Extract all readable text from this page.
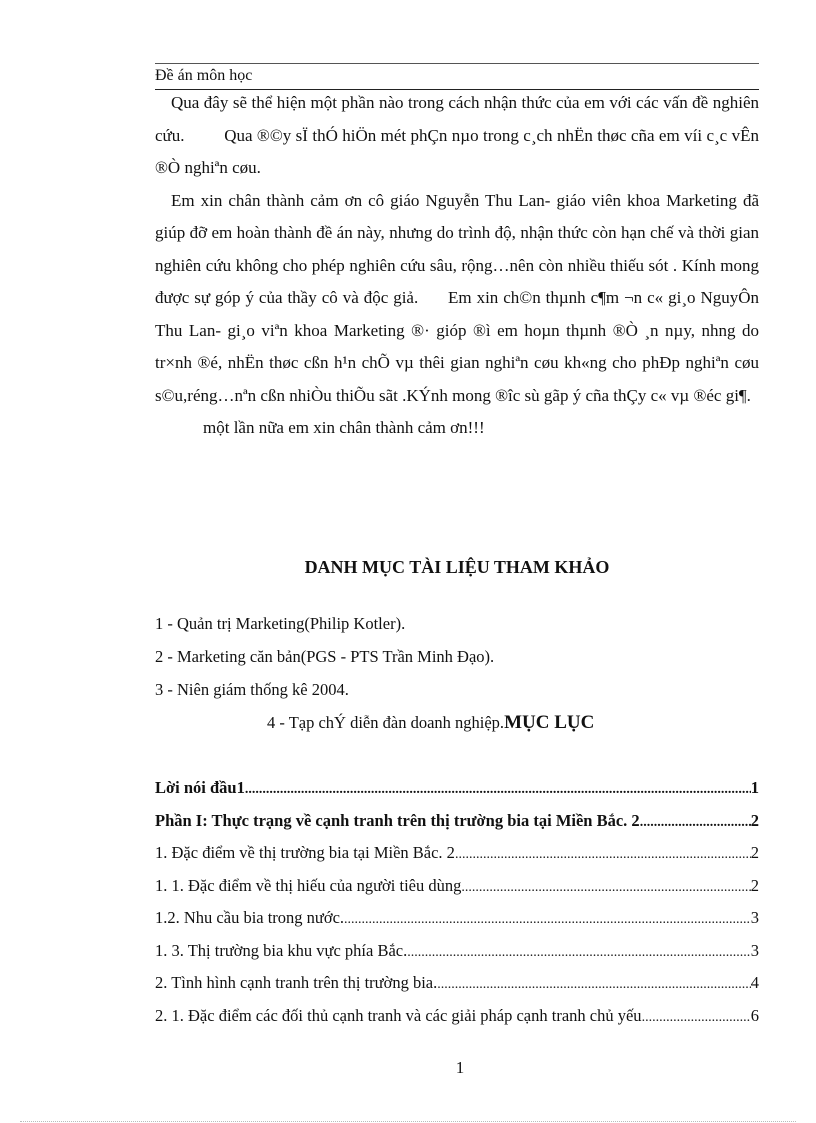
Đề án môn học

Qua đây sẽ thể hiện một phần nào trong cách nhận thức của em với các vấn đề nghiên cứu. Qua ®©y sÏ thÓ hiÖn mét phÇn nµo trong c¸ch nhËn thøc cña em víi c¸c vÊn ®Ò nghiªn cøu.

Em xin chân thành cảm ơn cô giáo Nguyễn Thu Lan- giáo viên khoa Marketing đã giúp đỡ em hoàn thành đề án này, nhưng do trình độ, nhận thức còn hạn chế và thời gian nghiên cứu không cho phép nghiên cứu sâu, rộng…nên còn nhiều thiếu sót . Kính mong được sự góp ý của thầy cô và độc giả. Em xin ch©n thµnh c¶m ¬n c« gi¸o NguyÔn Thu Lan- gi¸o viªn khoa Marketing ®· gióp ®ì em hoµn thµnh ®Ò ¸n nµy, nhng do tr×nh ®é, nhËn thøc cßn h¹n chÕ vµ thêi gian nghiªn cøu kh«ng cho phÐp nghiªn cøu s©u,réng…nªn cßn nhiÒu thiÕu sãt .KÝnh mong ®îc sù gãp ý cña thÇy c« vµ ®éc gi¶.

một lần nữa em xin chân thành cảm ơn!!!

DANH MỤC TÀI LIỆU THAM KHẢO
1 - Quản trị Marketing(Philip Kotler).
2 - Marketing căn bản(PGS - PTS Trần Minh Đạo).
3 - Niên giám thống kê 2004.
4 - Tạp chÝ diễn đàn doanh nghiệp.MỤC LỤC
Lời nói đầu1 .....	1
Phần I: Thực trạng về cạnh tranh trên thị trường bia tại Miền Bắc. 2 .....	2
1. Đặc điểm về thị trường bia tại Miền Bắc. 2 .....	2
1. 1. Đặc điểm về thị hiếu của người tiêu dùng .....	2
1.2. Nhu cầu bia trong nước. .....	3
1. 3. Thị trường bia khu vực phía Bắc. .....	3
2. Tình hình cạnh tranh trên thị trường bia. .....	4
2. 1. Đặc điểm các đối thủ cạnh tranh và các giải pháp cạnh tranh chủ yếu .....	6
1
